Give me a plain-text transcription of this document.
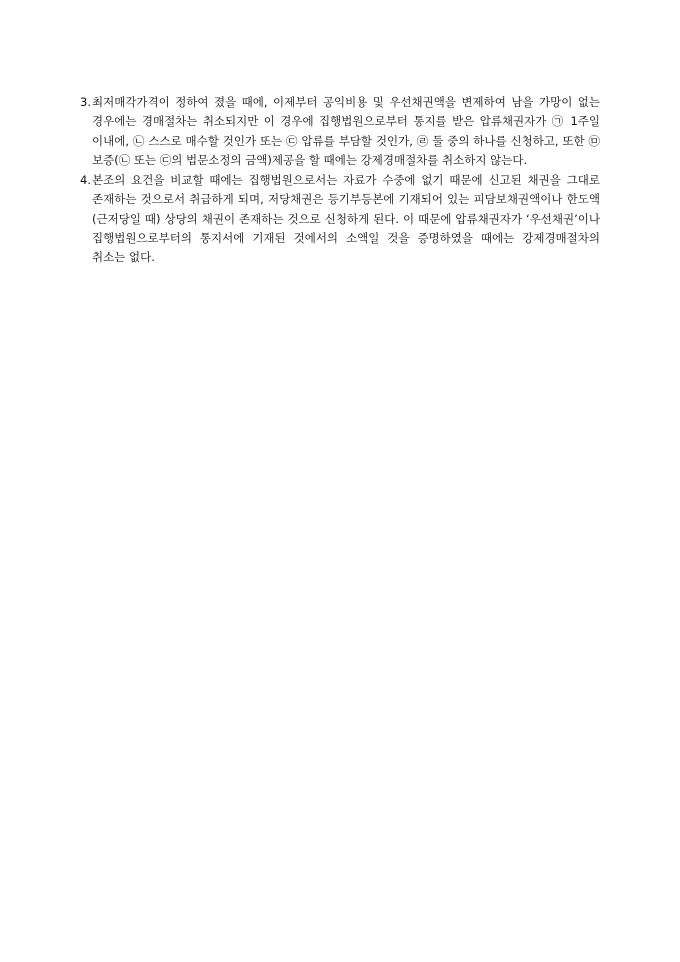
3. 최저매각가격이 정하여 졌을 때에, 이제부터 공익비용 및 우선채권액을 변제하여 남을 가망이 없는 경우에는 경매절차는 취소되지만 이 경우에 집행법원으로부터 통지를 받은 압류채권자가 ㉠ 1주일 이내에, ㉡ 스스로 매수할 것인가 또는 ㉢ 압류를 부담할 것인가, ㉣ 둘 중의 하나를 신청하고, 또한 ㉤ 보증(㉡ 또는 ㉢의 법문소정의 금액)제공을 할 때에는 강제경매절차를 취소하지 않는다.
4. 본조의 요건을 비교할 때에는 집행법원으로서는 자료가 수중에 없기 때문에 신고된 채권을 그대로 존재하는 것으로서 취급하게 되며, 저당채권은 등기부등본에 기재되어 있는 피담보채권액이나 한도액(근저당일 때) 상당의 채권이 존재하는 것으로 신청하게 된다. 이 때문에 압류채권자가 ‘우선채권’이나 집행법원으로부터의 통지서에 기재된 것에서의 소액일 것을 증명하였을 때에는 강제경매절차의 취소는 없다.
